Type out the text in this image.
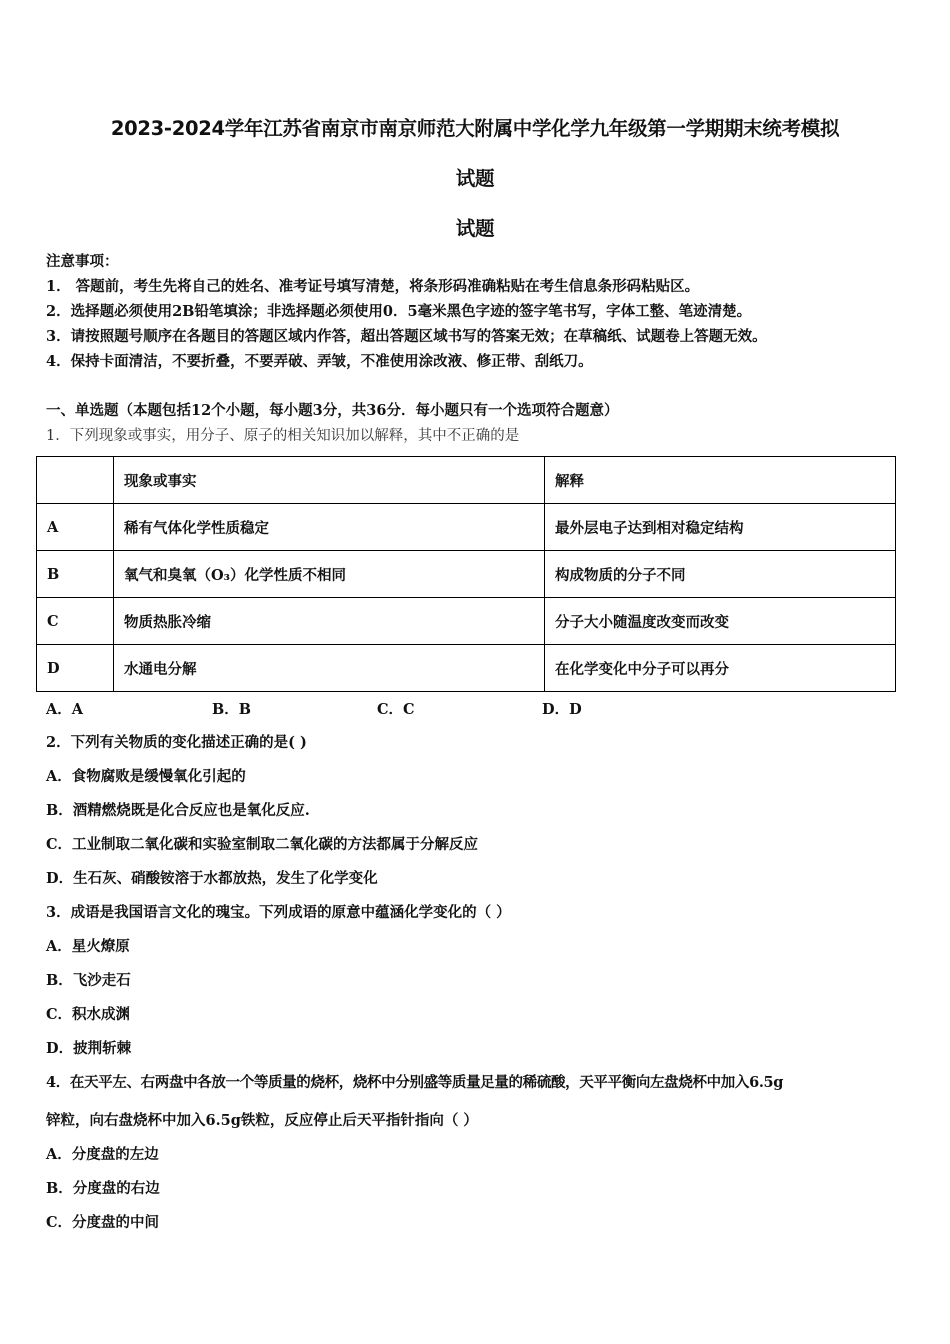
2023-2024学年江苏省南京市南京师范大附属中学化学九年级第一学期期末统考模拟
试题
试题
注意事项：
1． 答题前，考生先将自己的姓名、准考证号填写清楚，将条形码准确粘贴在考生信息条形码粘贴区。
2．选择题必须使用2B铅笔填涂；非选择题必须使用0．5毫米黑色字迹的签字笔书写，字体工整、笔迹清楚。
3．请按照题号顺序在各题目的答题区域内作答，超出答题区域书写的答案无效；在草稿纸、试题卷上答题无效。
4．保持卡面清洁，不要折叠，不要弄破、弄皱，不准使用涂改液、修正带、刮纸刀。
一、单选题（本题包括12个小题，每小题3分，共36分．每小题只有一个选项符合题意）
1．下列现象或事实，用分子、原子的相关知识加以解释，其中不正确的是
	现象或事实	解释
A	稀有气体化学性质稳定	最外层电子达到相对稳定结构
B	氧气和臭氧（O₃）化学性质不相同	构成物质的分子不同
C	物质热胀冷缩	分子大小随温度改变而改变
D	水通电分解	在化学变化中分子可以再分
A．A	B．B	C．C	D．D
2．下列有关物质的变化描述正确的是( )
A．食物腐败是缓慢氧化引起的
B．酒精燃烧既是化合反应也是氧化反应.
C．工业制取二氧化碳和实验室制取二氧化碳的方法都属于分解反应
D．生石灰、硝酸铵溶于水都放热，发生了化学变化
3．成语是我国语言文化的瑰宝。下列成语的原意中蕴涵化学变化的（ ）
A．星火燎原
B．飞沙走石
C．积水成渊
D．披荆斩棘
4．在天平左、右两盘中各放一个等质量的烧杯，烧杯中分别盛等质量足量的稀硫酸，天平平衡向左盘烧杯中加入6.5g
锌粒，向右盘烧杯中加入6.5g铁粒，反应停止后天平指针指向（ ）
A．分度盘的左边
B．分度盘的右边
C．分度盘的中间
